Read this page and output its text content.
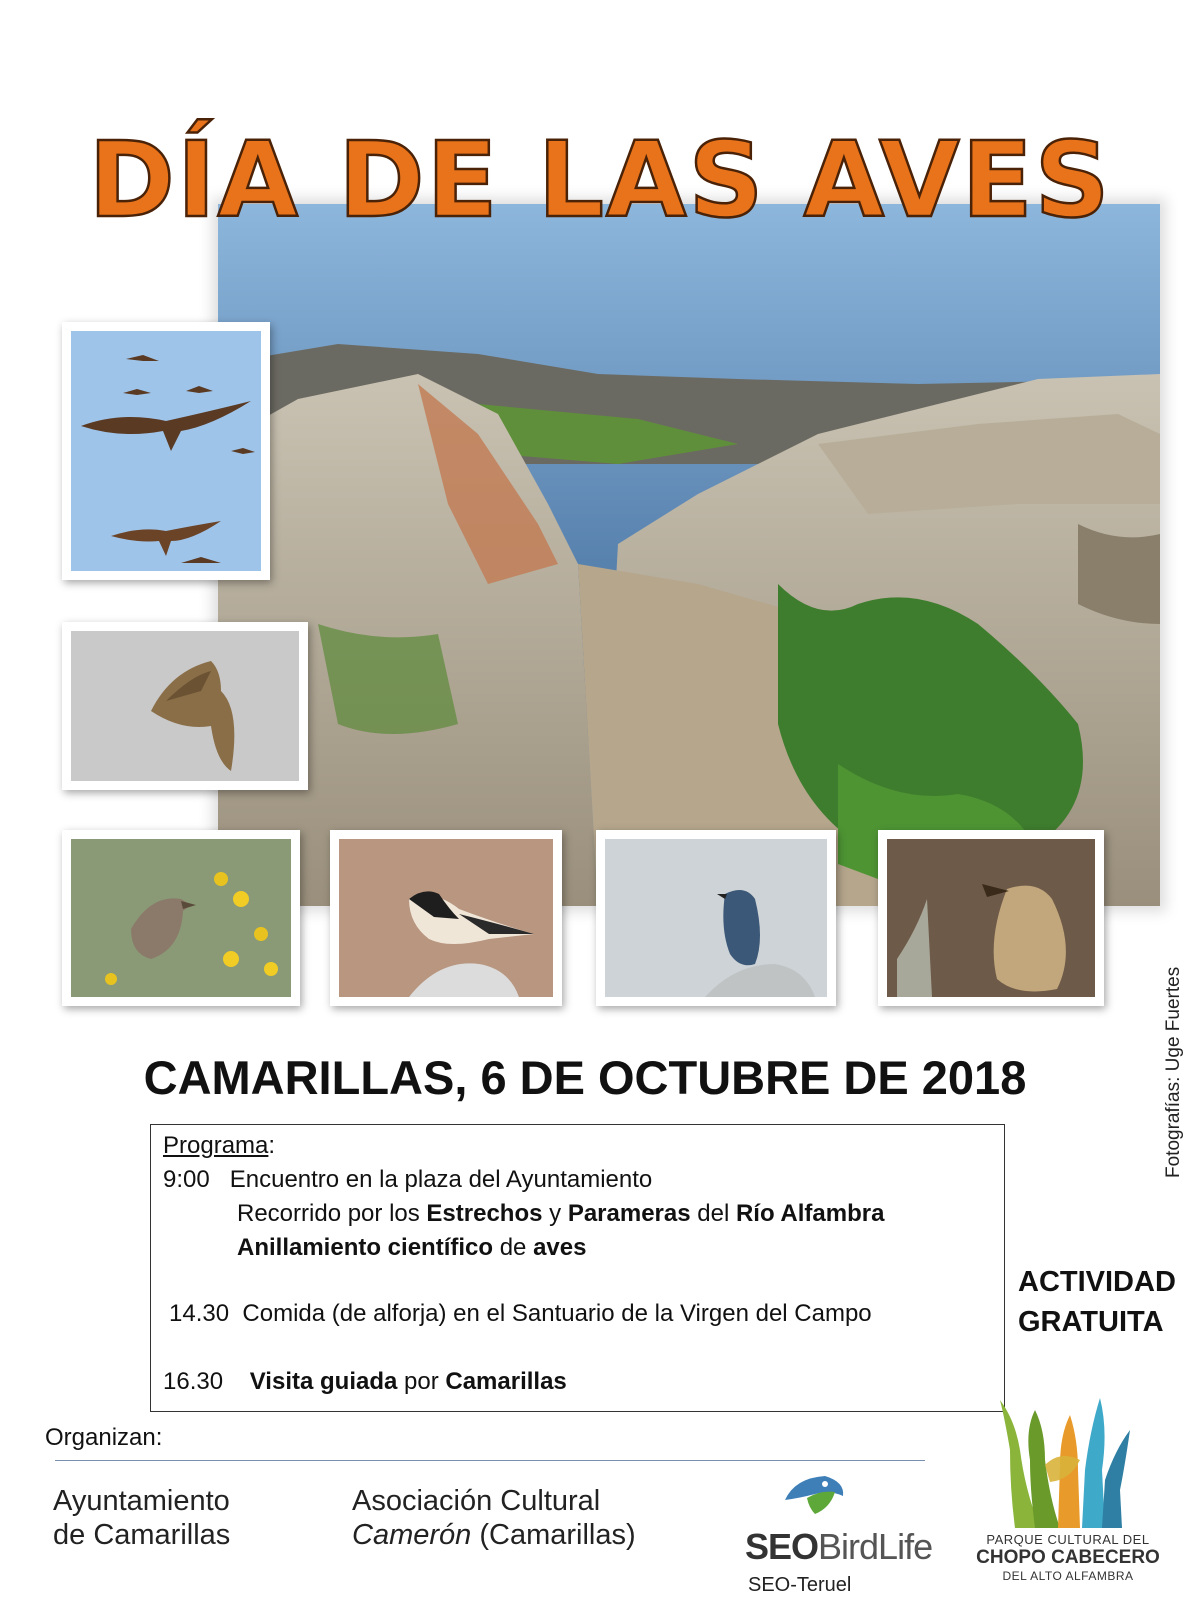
DÍA DE LAS AVES
Fotografías: Uge Fuertes
CAMARILLAS, 6 DE OCTUBRE DE 2018
Programa:
9:00 Encuentro en la plaza del Ayuntamiento
Recorrido por los Estrechos y Parameras del Río Alfambra
Anillamiento científico de aves
14.30 Comida (de alforja) en el Santuario de la Virgen del Campo
16.30 Visita guiada por Camarillas
ACTIVIDAD
GRATUITA
Organizan:
Ayuntamiento
de Camarillas
Asociación Cultural
Camerón (Camarillas)	SEOBirdLife
SEO-Teruel
PARQUE CULTURAL DEL
CHOPO CABECERO
DEL ALTO ALFAMBRA
